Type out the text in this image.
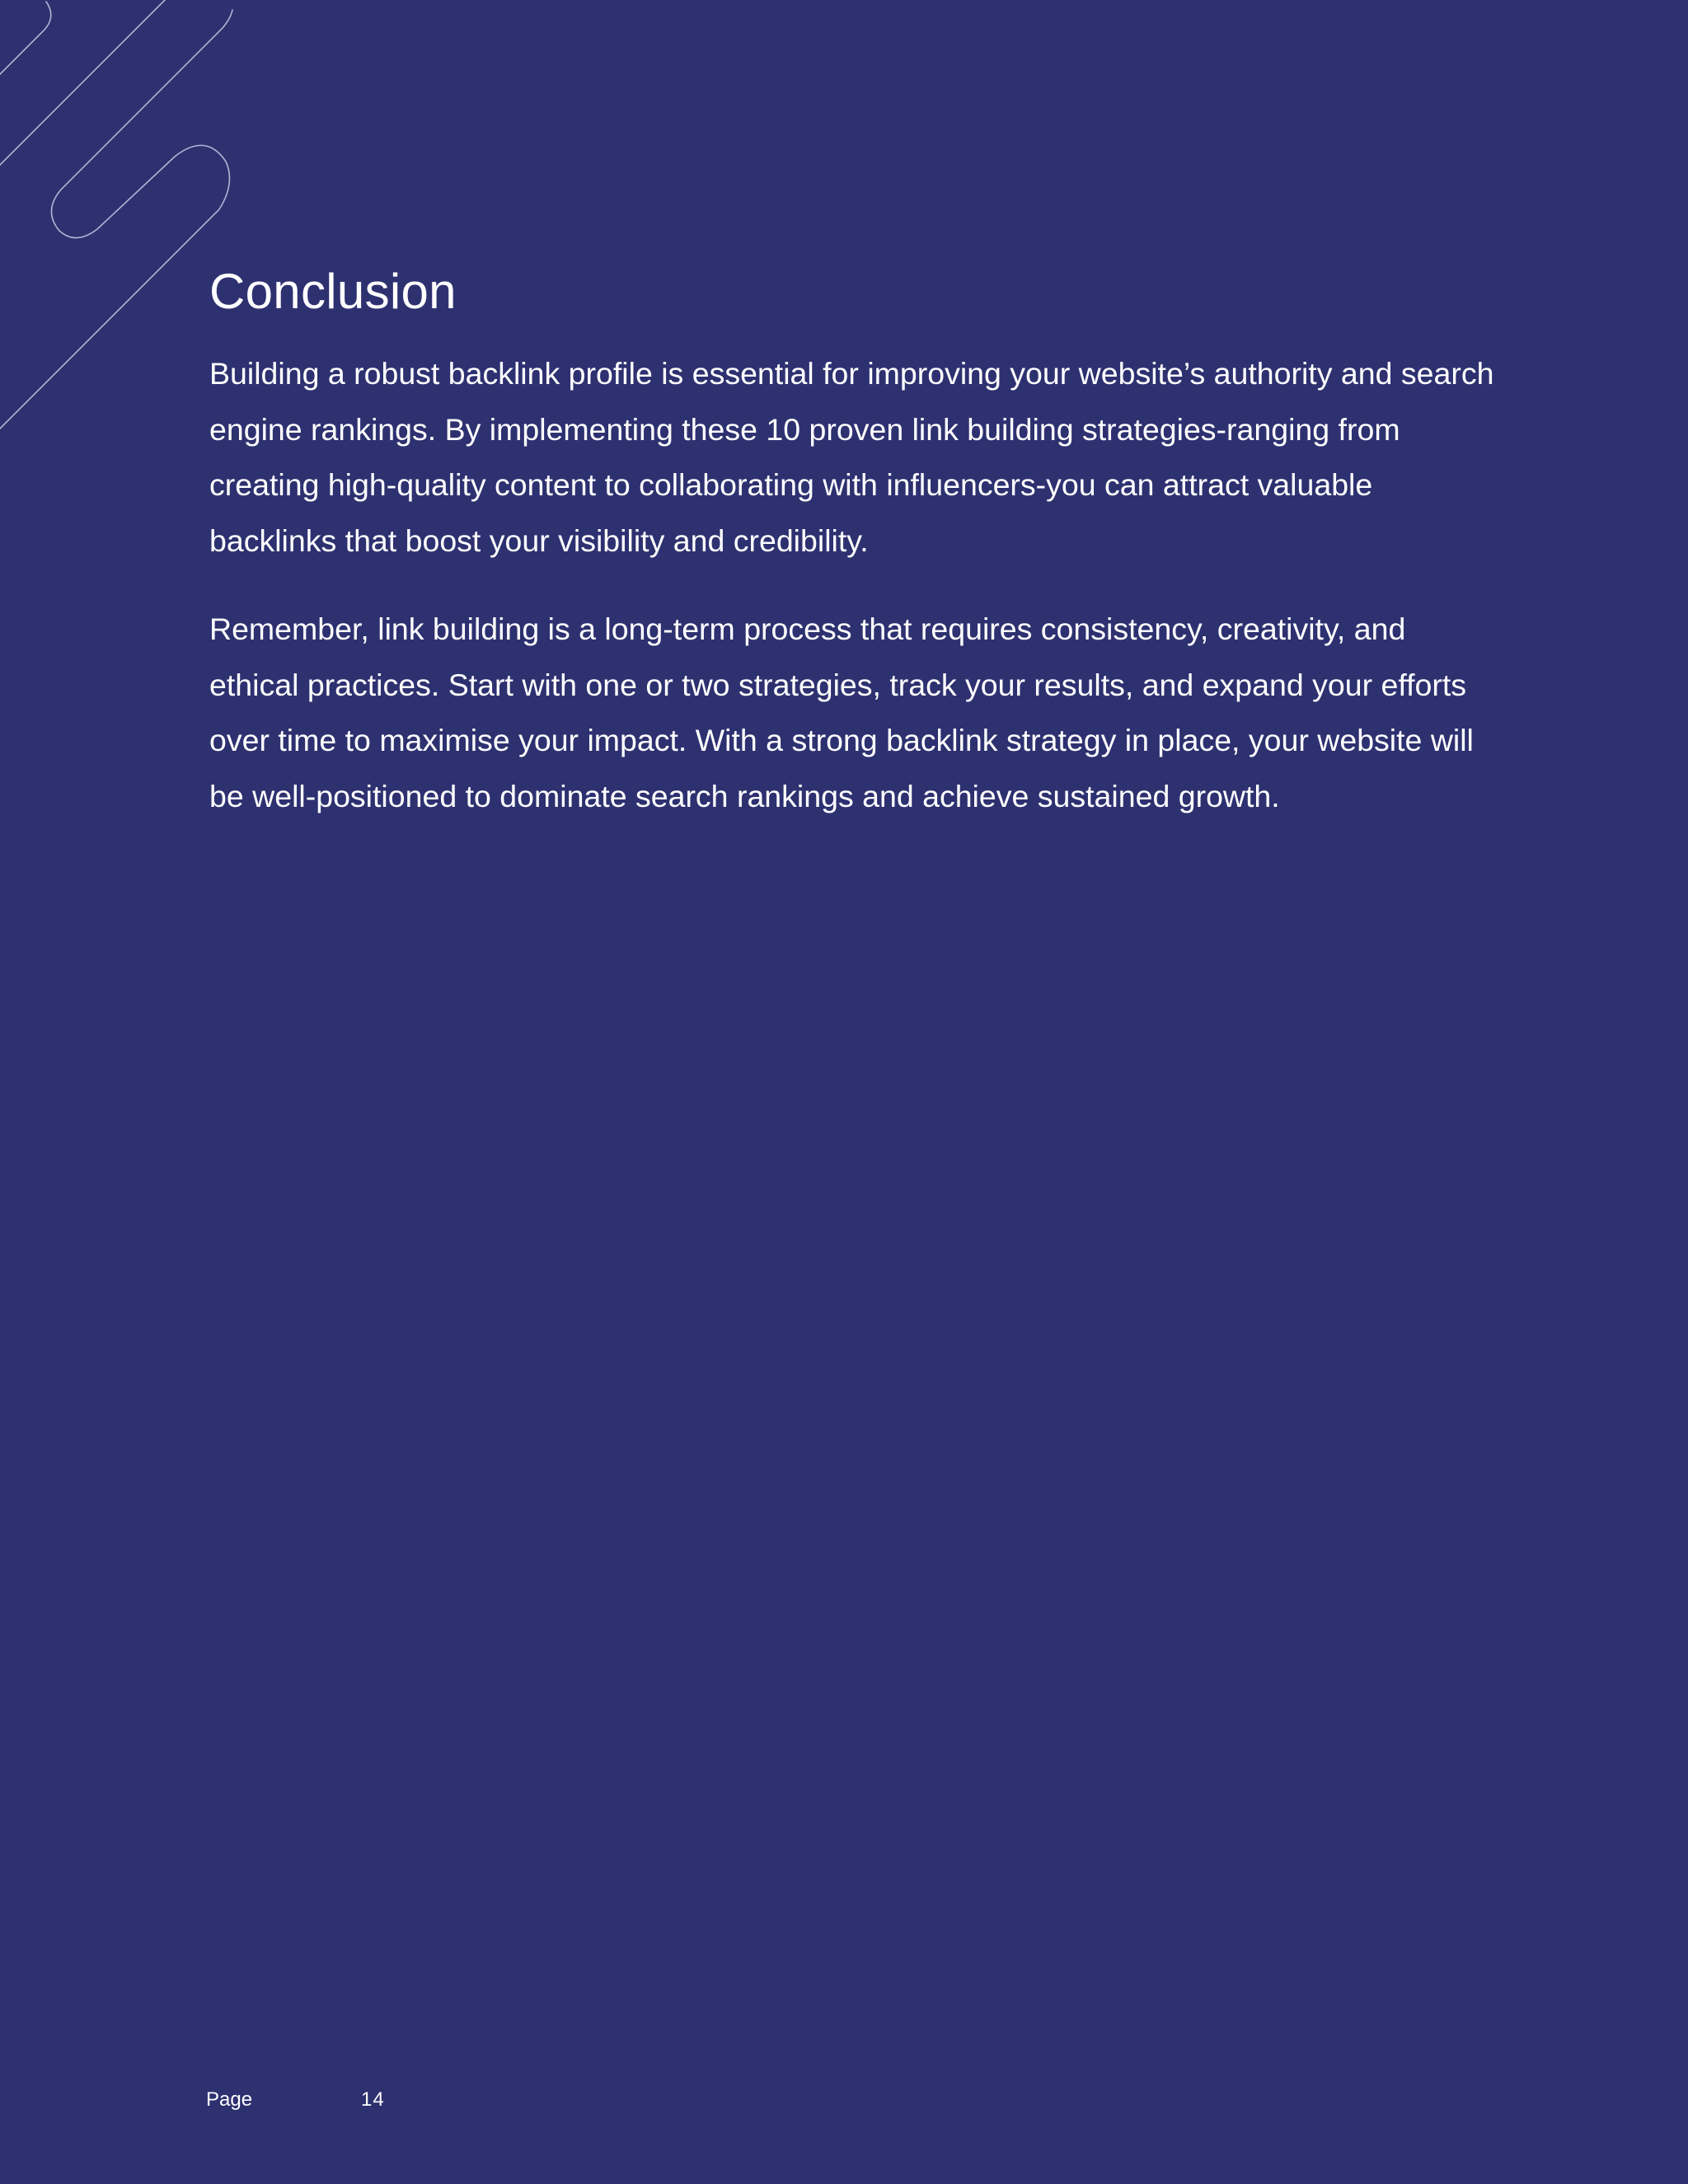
Conclusion

Building a robust backlink profile is essential for improving your website’s authority and search engine rankings. By implementing these 10 proven link building strategies-ranging from creating high-quality content to collaborating with influencers-you can attract valuable backlinks that boost your visibility and credibility.

Remember, link building is a long-term process that requires consistency, creativity, and ethical practices. Start with one or two strategies, track your results, and expand your efforts over time to maximise your impact. With a strong backlink strategy in place, your website will be well-positioned to dominate search rankings and achieve sustained growth.

Page	14
